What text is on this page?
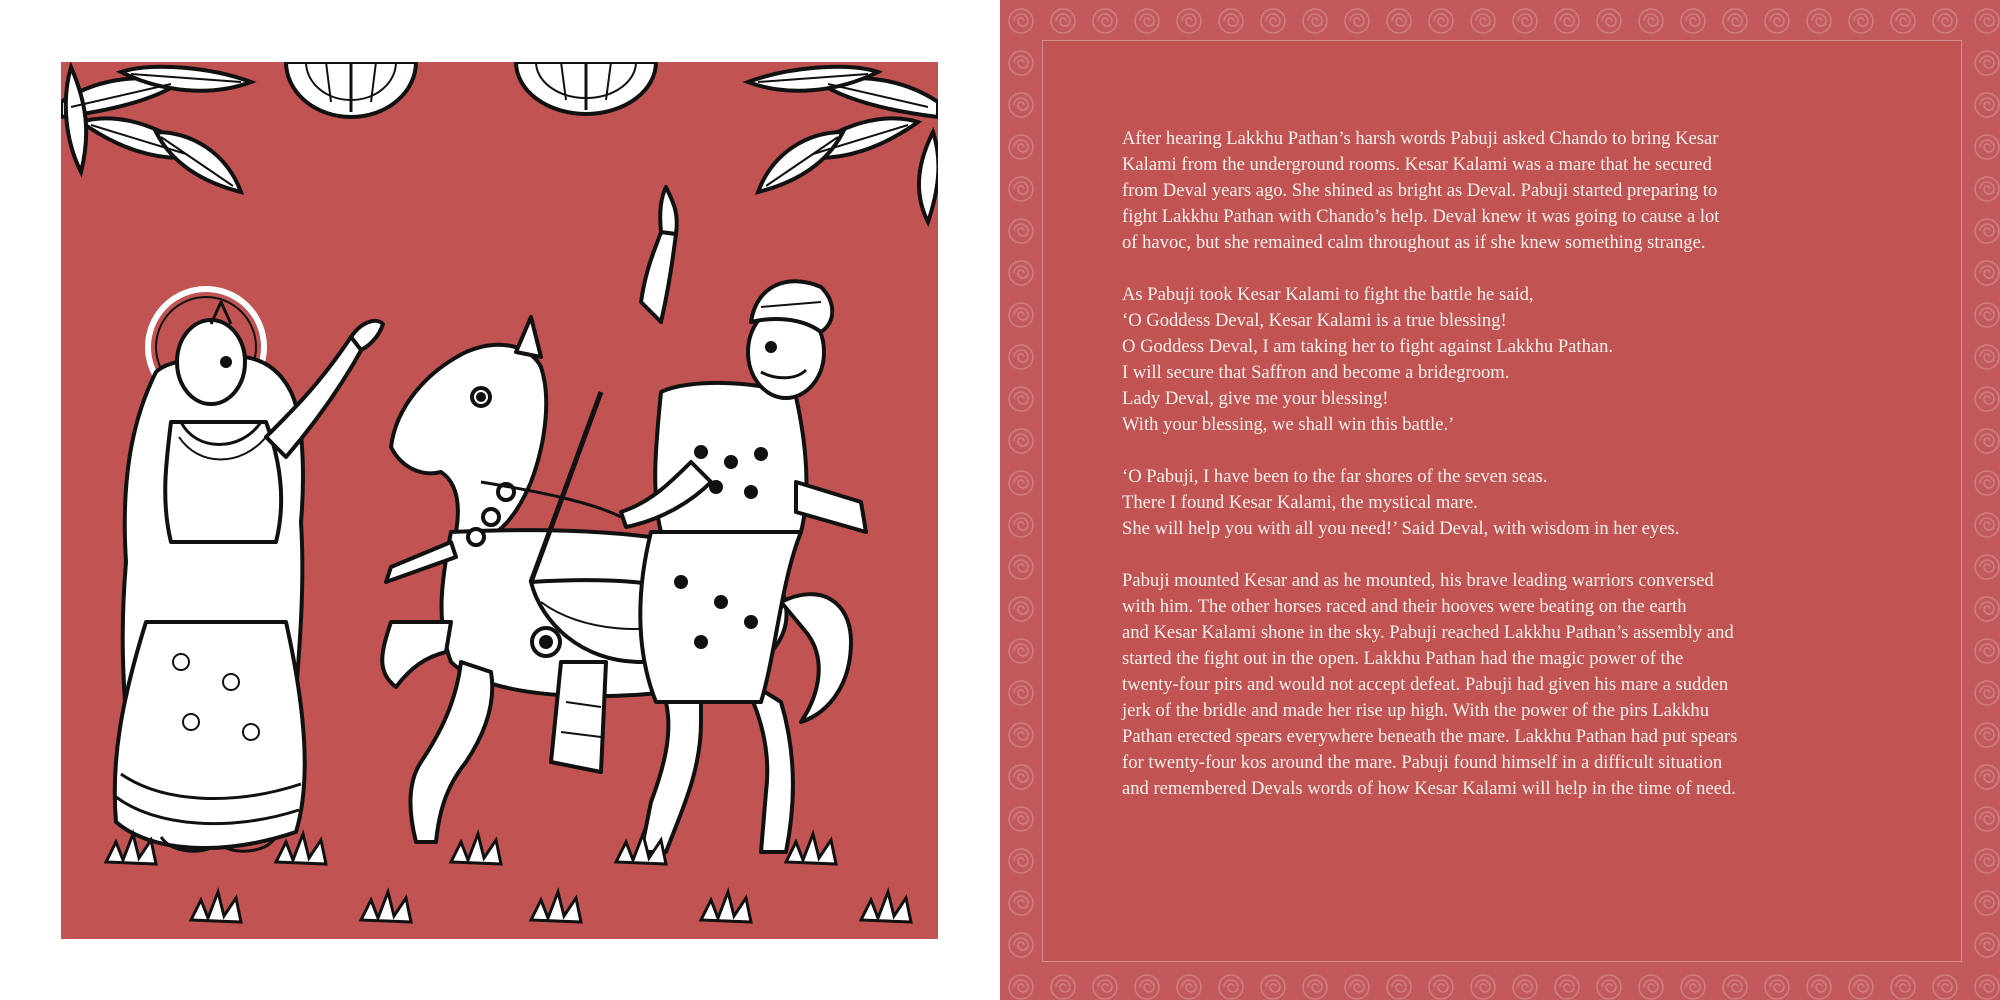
After hearing Lakkhu Pathan’s harsh words Pabuji asked Chando to bring Kesar
Kalami from the underground rooms. Kesar Kalami was a mare that he secured
from Deval years ago. She shined as bright as Deval. Pabuji started preparing to
fight Lakkhu Pathan with Chando’s help. Deval knew it was going to cause a lot
of havoc, but she remained calm throughout as if she knew something strange.

As Pabuji took Kesar Kalami to fight the battle he said,
‘O Goddess Deval, Kesar Kalami is a true blessing!
O Goddess Deval, I am taking her to fight against Lakkhu Pathan.
I will secure that Saffron and become a bridegroom.
Lady Deval, give me your blessing!
With your blessing, we shall win this battle.’

‘O Pabuji, I have been to the far shores of the seven seas.
There I found Kesar Kalami, the mystical mare.
She will help you with all you need!’ Said Deval, with wisdom in her eyes.

Pabuji mounted Kesar and as he mounted, his brave leading warriors conversed
with him. The other horses raced and their hooves were beating on the earth
and Kesar Kalami shone in the sky. Pabuji reached Lakkhu Pathan’s assembly and
started the fight out in the open. Lakkhu Pathan had the magic power of the
twenty-four pirs and would not accept defeat. Pabuji had given his mare a sudden
jerk of the bridle and made her rise up high. With the power of the pirs Lakkhu
Pathan erected spears everywhere beneath the mare. Lakkhu Pathan had put spears
for twenty-four kos around the mare. Pabuji found himself in a difficult situation
and remembered Devals words of how Kesar Kalami will help in the time of need.
